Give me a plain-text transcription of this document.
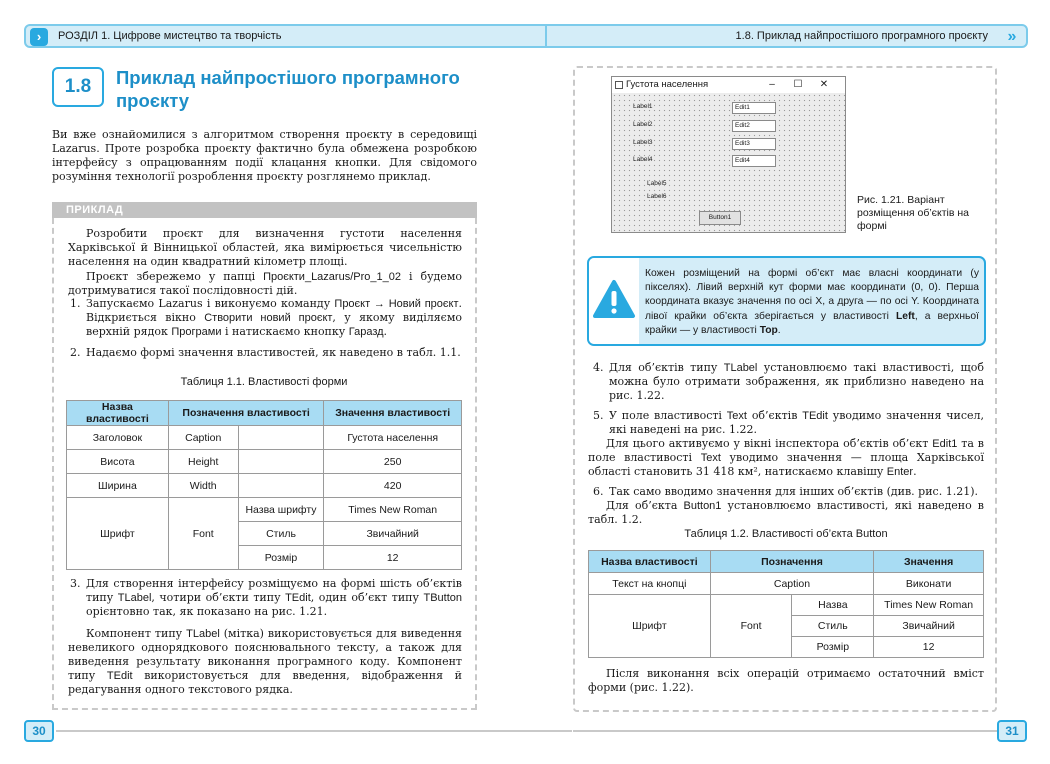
›	РОЗДІЛ 1. Цифрове мистецтво та творчість	1.8. Приклад найпростішого програмного проєкту	»
1.8	Приклад найпростішого програмного проєкту
Ви вже ознайомилися з алгоритмом створення проєкту в середовищі Lazarus. Проте розробка проєкту фактично була обмежена розробкою інтерфейсу з опрацюванням події клацання кнопки. Для свідомого розуміння технології розроблення проєкту розглянемо приклад.
ПРИКЛАД
Розробити проєкт для визначення густоти населення Харківської й Вінницької областей, яка вимірюється чисельністю населення на один квадратний кілометр площі.
Проєкт збережемо у папці Проєкти_Lazarus/Pro_1_02 і будемо дотримуватися такої послідовності дій.
1. Запускаємо Lazarus і виконуємо команду Проєкт → Новий проєкт. Відкриється вікно Створити новий проєкт, у якому виділяємо верхній рядок Програми і натискаємо кнопку Гаразд.
2. Надаємо формі значення властивостей, як наведено в табл. 1.1.
Таблиця 1.1. Властивості форми
Назва властивості	Позначення властивості		Значення властивості
Заголовок	Caption		Густота населення
Висота	Height		250
Ширина	Width		420
Шрифт	Font	Назва шрифту	Times New Roman
		Стиль	Звичайний
		Розмір	12
3. Для створення інтерфейсу розміщуємо на формі шість об’єктів типу TLabel, чотири об’єкти типу TEdit, один об’єкт типу TButton орієнтовно так, як показано на рис. 1.21.
Компонент типу TLabel (мітка) використовується для виведення невеликого однорядкового пояснювального тексту, а також для виведення результату виконання програмного коду. Компонент типу TEdit використовується для введення, відображення й редагування одного текстового рядка.
30
Густота населення	– ☐ ✕
Label1
Label2
Label3
Label4
Label5
Label6
Edit1
Edit2
Edit3
Edit4
Button1
Рис. 1.21. Варіант розміщення об’єктів на формі
Кожен розміщений на формі об’єкт має власні координати (у пікселях). Лівий верхній кут форми має координати (0, 0). Перша координата вказує значення по осі X, а друга — по осі Y. Координата лівої крайки об’єкта зберігається у властивості Left, а верхньої крайки — у властивості Top.
4. Для об’єктів типу TLabel установлюємо такі властивості, щоб можна було отримати зображення, як приблизно наведено на рис. 1.22.
5. У поле властивості Text об’єктів TEdit уводимо значення чисел, які наведені на рис. 1.22.
Для цього активуємо у вікні інспектора об’єктів об’єкт Edit1 та в поле властивості Text уводимо значення — площа Харківської області становить 31 418 км², натискаємо клавішу Enter.
6. Так само вводимо значення для інших об’єктів (див. рис. 1.21).
Для об’єкта Button1 установлюємо властивості, які наведено в табл. 1.2.
Таблиця 1.2. Властивості об’єкта Button
Назва властивості	Позначення		Значення
Текст на кнопці	Caption		Виконати
Шрифт	Font	Назва	Times New Roman
		Стиль	Звичайний
		Розмір	12
Після виконання всіх операцій отримаємо остаточний вміст форми (рис. 1.22).
31
